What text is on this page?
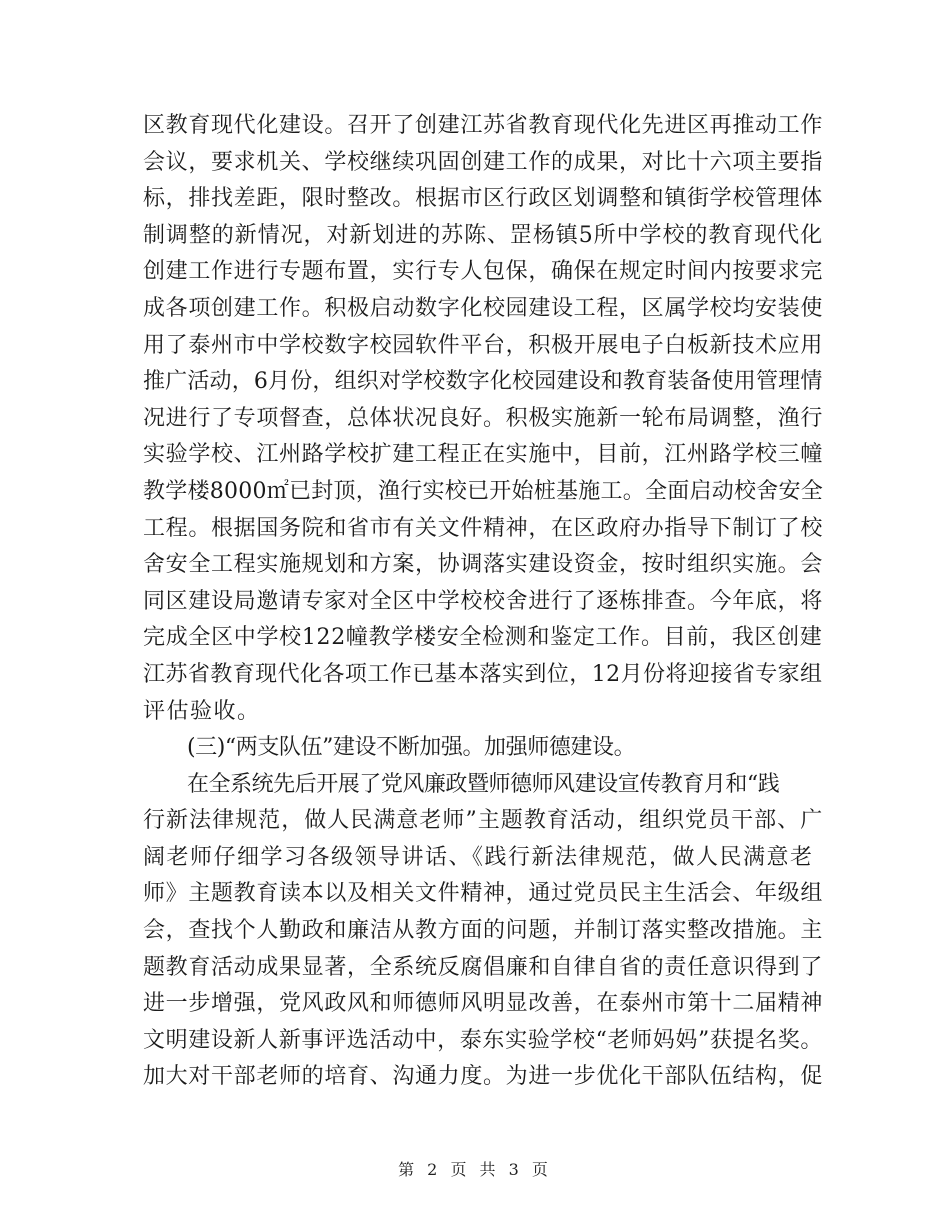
区教育现代化建设。召开了创建江苏省教育现代化先进区再推动工作
会议，要求机关、学校继续巩固创建工作的成果，对比十六项主要指
标，排找差距，限时整改。根据市区行政区划调整和镇街学校管理体
制调整的新情况，对新划进的苏陈、罡杨镇5所中学校的教育现代化
创建工作进行专题布置，实行专人包保，确保在规定时间内按要求完
成各项创建工作。积极启动数字化校园建设工程，区属学校均安装使
用了泰州市中学校数字校园软件平台，积极开展电子白板新技术应用
推广活动，6月份，组织对学校数字化校园建设和教育装备使用管理情
况进行了专项督查，总体状况良好。积极实施新一轮布局调整，渔行
实验学校、江州路学校扩建工程正在实施中，目前，江州路学校三幢
教学楼8000㎡已封顶，渔行实校已开始桩基施工。全面启动校舍安全
工程。根据国务院和省市有关文件精神，在区政府办指导下制订了校
舍安全工程实施规划和方案，协调落实建设资金，按时组织实施。会
同区建设局邀请专家对全区中学校校舍进行了逐栋排查。今年底，将
完成全区中学校122幢教学楼安全检测和鉴定工作。目前，我区创建
江苏省教育现代化各项工作已基本落实到位，12月份将迎接省专家组
评估验收。
(三)“两支队伍”建设不断加强。加强师德建设。
在全系统先后开展了党风廉政暨师德师风建设宣传教育月和“践
行新法律规范，做人民满意老师”主题教育活动，组织党员干部、广
阔老师仔细学习各级领导讲话、《践行新法律规范，做人民满意老
师》主题教育读本以及相关文件精神，通过党员民主生活会、年级组
会，查找个人勤政和廉洁从教方面的问题，并制订落实整改措施。主
题教育活动成果显著，全系统反腐倡廉和自律自省的责任意识得到了
进一步增强，党风政风和师德师风明显改善，在泰州市第十二届精神
文明建设新人新事评选活动中，泰东实验学校“老师妈妈”获提名奖。
加大对干部老师的培育、沟通力度。为进一步优化干部队伍结构，促
第 2 页 共 3 页
